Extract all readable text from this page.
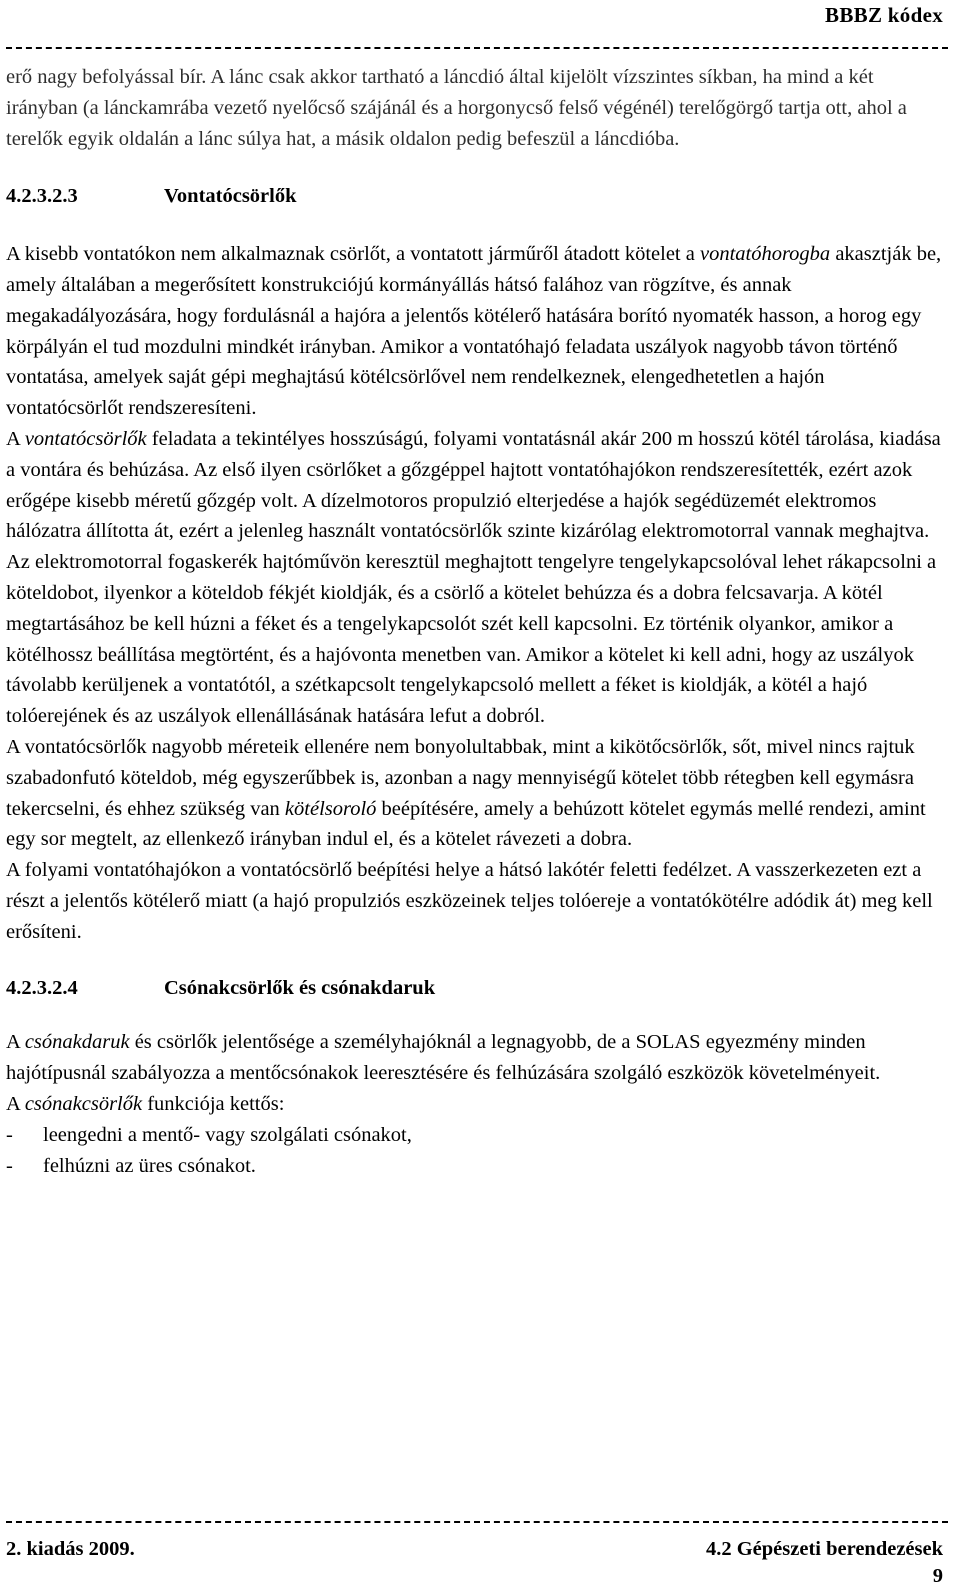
BBBZ kódex

erő nagy befolyással bír. A lánc csak akkor tartható a láncdió által kijelölt vízszintes síkban, ha mind a két irányban (a lánckamrába vezető nyelőcső szájánál és a horgonycső felső végénél) terelőgörgő tartja ott, ahol a terelők egyik oldalán a lánc súlya hat, a másik oldalon pedig befeszül a láncdióba.

4.2.3.2.3	Vontatócsörlők

A kisebb vontatókon nem alkalmaznak csörlőt, a vontatott járműről átadott kötelet a vontatóhorogba akasztják be, amely általában a megerősített konstrukciójú kormányállás hátsó falához van rögzítve, és annak megakadályozására, hogy fordulásnál a hajóra a jelentős kötélerő hatására borító nyomaték hasson, a horog egy körpályán el tud mozdulni mindkét irányban. Amikor a vontatóhajó feladata uszályok nagyobb távon történő vontatása, amelyek saját gépi meghajtású kötélcsörlővel nem rendelkeznek, elengedhetetlen a hajón vontatócsörlőt rendszeresíteni.

A vontatócsörlők feladata a tekintélyes hosszúságú, folyami vontatásnál akár 200 m hosszú kötél tárolása, kiadása a vontára és behúzása. Az első ilyen csörlőket a gőzgéppel hajtott vontatóhajókon rendszeresítették, ezért azok erőgépe kisebb méretű gőzgép volt. A dízelmotoros propulzió elterjedése a hajók segédüzemét elektromos hálózatra állította át, ezért a jelenleg használt vontatócsörlők szinte kizárólag elektromotorral vannak meghajtva.

Az elektromotorral fogaskerék hajtóművön keresztül meghajtott tengelyre tengelykapcsolóval lehet rákapcsolni a köteldobot, ilyenkor a köteldob fékjét kioldják, és a csörlő a kötelet behúzza és a dobra felcsavarja. A kötél megtartásához be kell húzni a féket és a tengelykapcsolót szét kell kapcsolni. Ez történik olyankor, amikor a kötélhossz beállítása megtörtént, és a hajóvonta menetben van. Amikor a kötelet ki kell adni, hogy az uszályok távolabb kerüljenek a vontatótól, a szétkapcsolt tengelykapcsoló mellett a féket is kioldják, a kötél a hajó tolóerejének és az uszályok ellenállásának hatására lefut a dobról.

A vontatócsörlők nagyobb méreteik ellenére nem bonyolultabbak, mint a kikötőcsörlők, sőt, mivel nincs rajtuk szabadonfutó köteldob, még egyszerűbbek is, azonban a nagy mennyiségű kötelet több rétegben kell egymásra tekercselni, és ehhez szükség van kötélsoroló beépítésére, amely a behúzott kötelet egymás mellé rendezi, amint egy sor megtelt, az ellenkező irányban indul el, és a kötelet rávezeti a dobra.

A folyami vontatóhajókon a vontatócsörlő beépítési helye a hátsó lakótér feletti fedélzet. A vasszerkezeten ezt a részt a jelentős kötélerő miatt (a hajó propulziós eszközeinek teljes tolóereje a vontatókötélre adódik át) meg kell erősíteni.

4.2.3.2.4	Csónakcsörlők és csónakdaruk

A csónakdaruk és csörlők jelentősége a személyhajóknál a legnagyobb, de a SOLAS egyezmény minden hajótípusnál szabályozza a mentőcsónakok leeresztésére és felhúzására szolgáló eszközök követelményeit.

A csónakcsörlők funkciója kettős:

-	leengedni a mentő- vagy szolgálati csónakot,
-	felhúzni az üres csónakot.
2. kiadás 2009.	4.2 Gépészeti berendezések
9
